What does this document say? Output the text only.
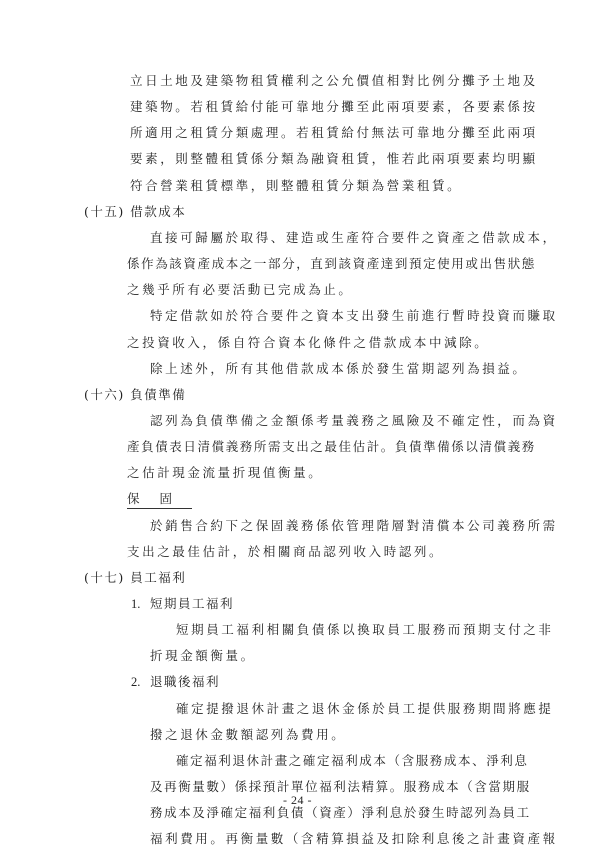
立日土地及建築物租賃權利之公允價值相對比例分攤予土地及
建築物。若租賃給付能可靠地分攤至此兩項要素，各要素係按
所適用之租賃分類處理。若租賃給付無法可靠地分攤至此兩項
要素，則整體租賃係分類為融資租賃，惟若此兩項要素均明顯
符合營業租賃標準，則整體租賃分類為營業租賃。
(十五) 借款成本
直接可歸屬於取得、建造或生產符合要件之資產之借款成本，
係作為該資產成本之一部分，直到該資產達到預定使用或出售狀態
之幾乎所有必要活動已完成為止。
特定借款如於符合要件之資本支出發生前進行暫時投資而賺取
之投資收入，係自符合資本化條件之借款成本中減除。
除上述外，所有其他借款成本係於發生當期認列為損益。
(十六) 負債準備
認列為負債準備之金額係考量義務之風險及不確定性，而為資
產負債表日清償義務所需支出之最佳估計。負債準備係以清償義務
之估計現金流量折現值衡量。
保固
於銷售合約下之保固義務係依管理階層對清償本公司義務所需
支出之最佳估計，於相關商品認列收入時認列。
(十七) 員工福利
1. 短期員工福利
短期員工福利相關負債係以換取員工服務而預期支付之非
折現金額衡量。
2. 退職後福利
確定提撥退休計畫之退休金係於員工提供服務期間將應提
撥之退休金數額認列為費用。
確定福利退休計畫之確定福利成本（含服務成本、淨利息
及再衡量數）係採預計單位福利法精算。服務成本（含當期服
務成本及淨確定福利負債（資產）淨利息於發生時認列為員工
福利費用。再衡量數（含精算損益及扣除利息後之計畫資產報
- 24 -
